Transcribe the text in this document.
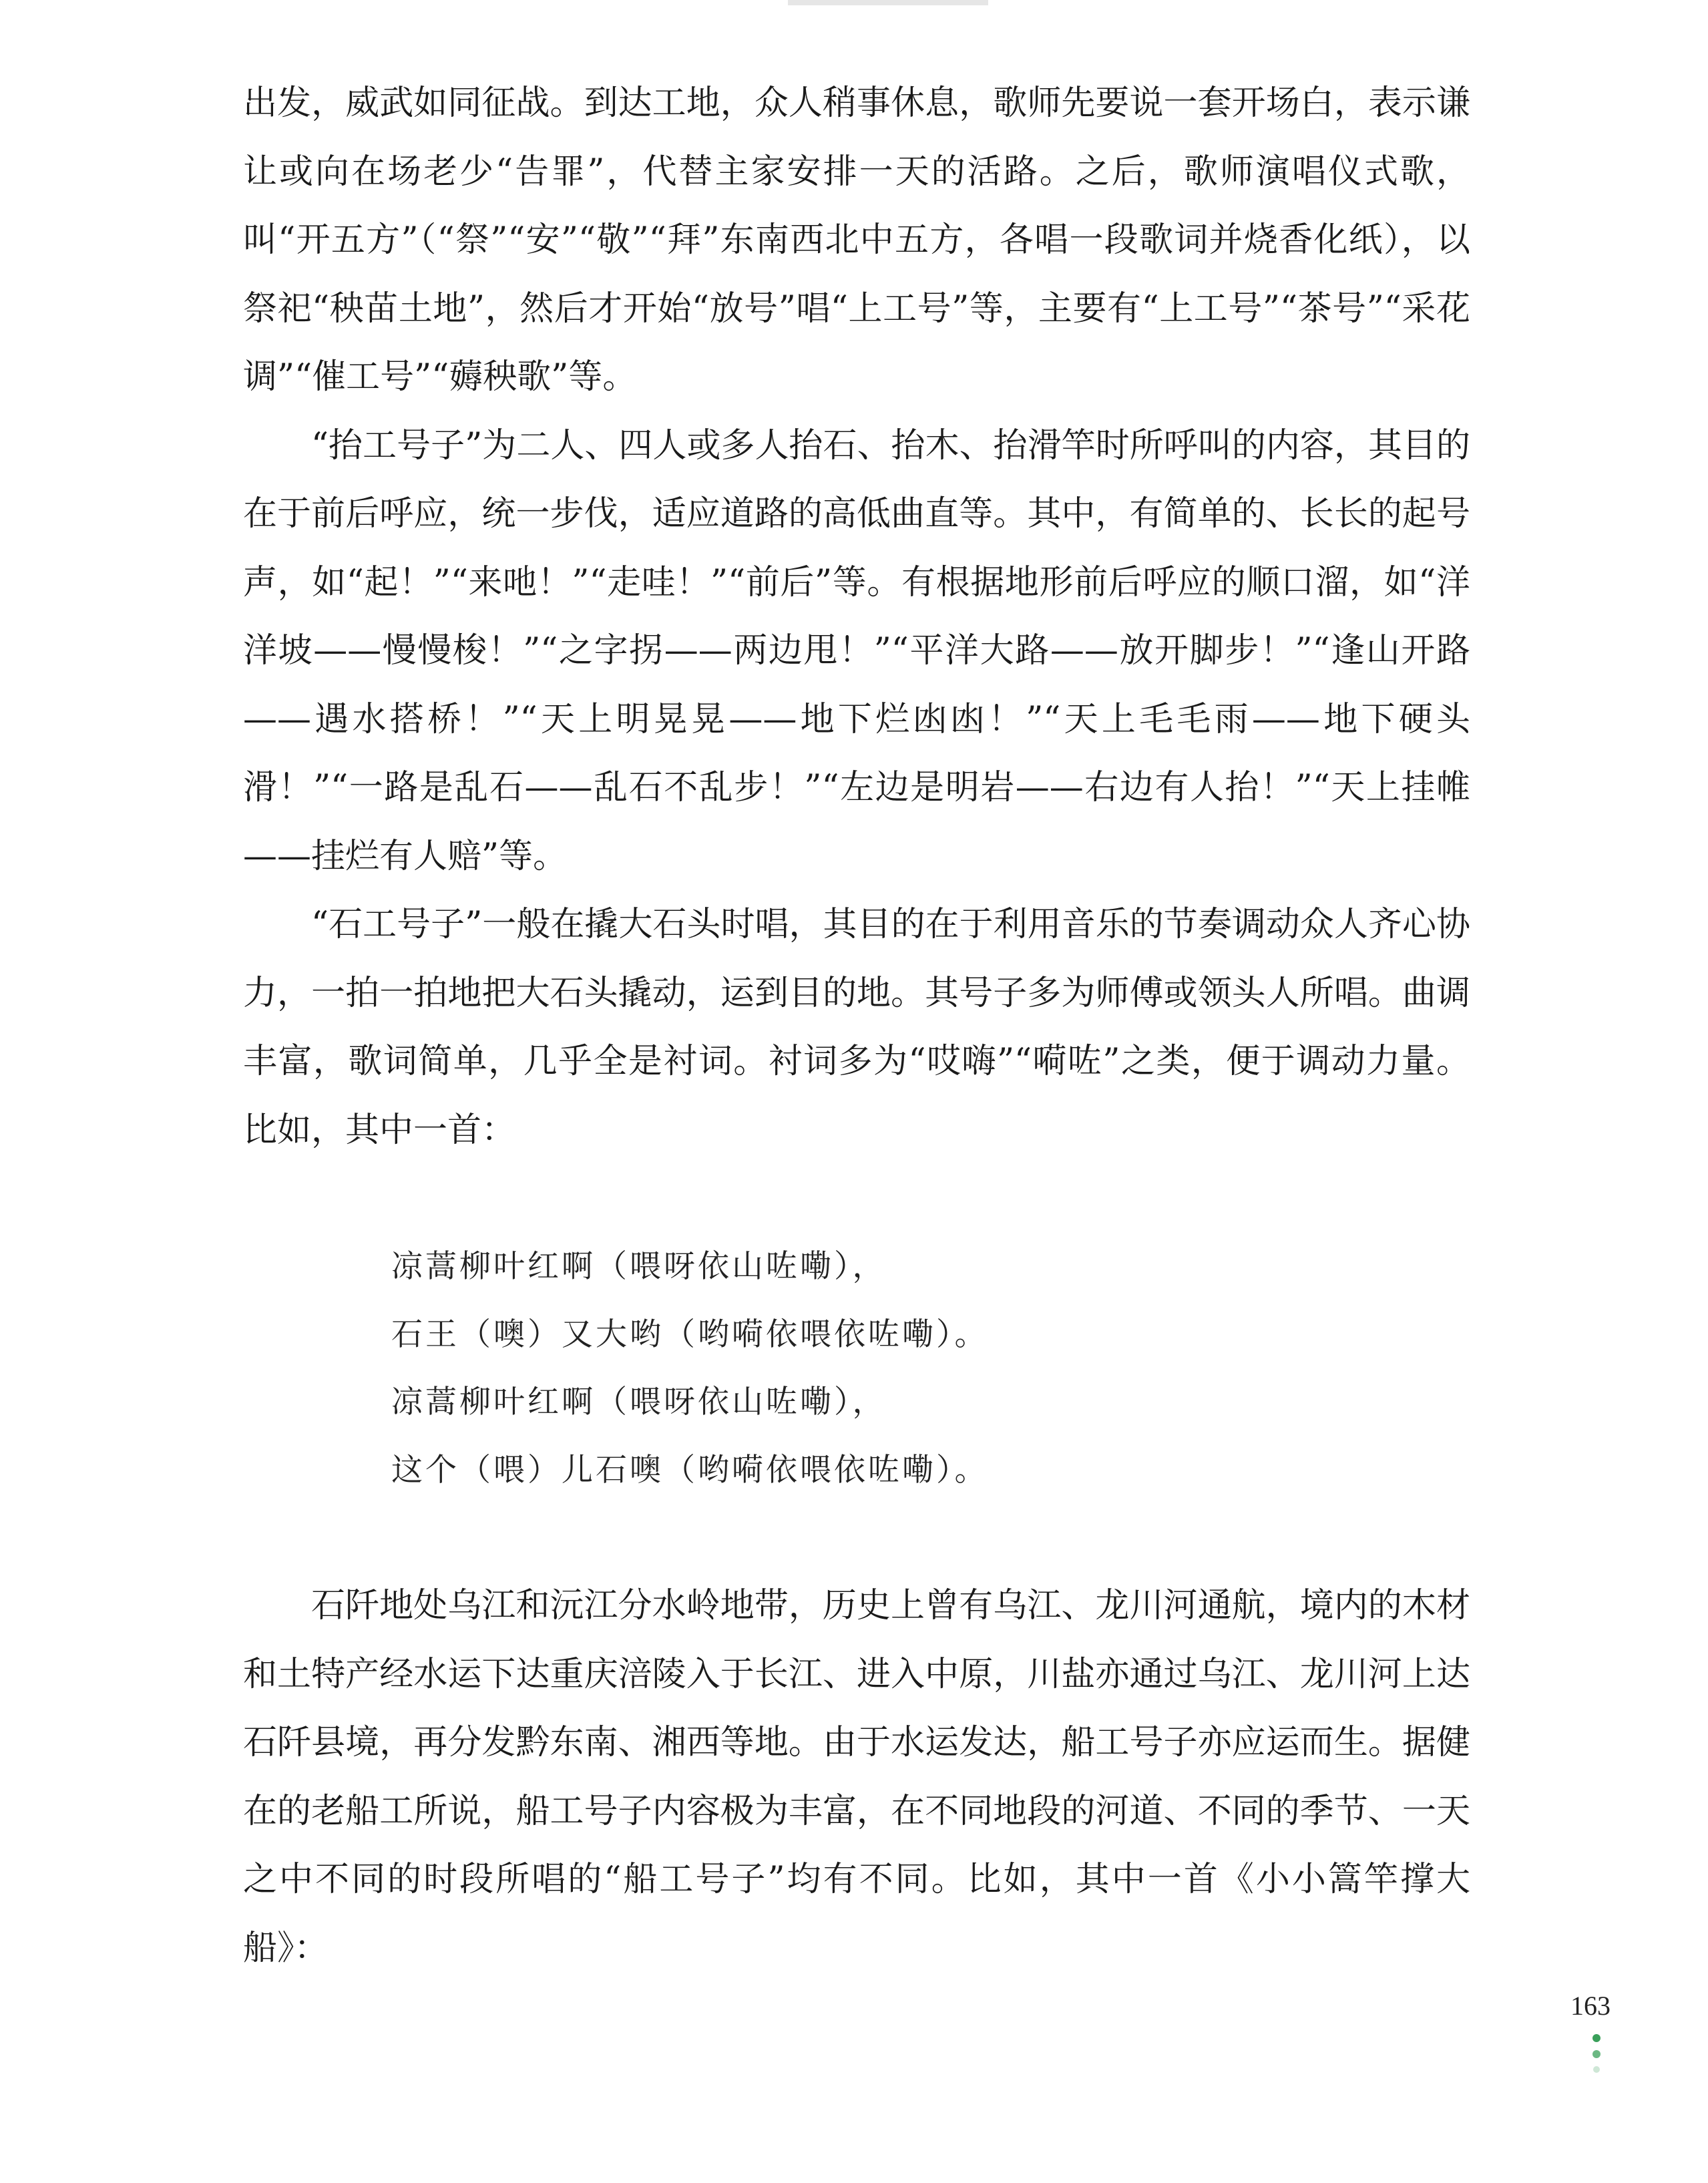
出发，威武如同征战。到达工地，众人稍事休息，歌师先要说一套开场白，表示谦让或向在场老少“告罪”，代替主家安排一天的活路。之后，歌师演唱仪式歌，叫“开五方”（“祭”“安”“敬”“拜”东南西北中五方，各唱一段歌词并烧香化纸），以祭祀“秧苗土地”，然后才开始“放号”唱“上工号”等，主要有“上工号”“茶号”“采花调”“催工号”“薅秧歌”等。

“抬工号子”为二人、四人或多人抬石、抬木、抬滑竿时所呼叫的内容，其目的在于前后呼应，统一步伐，适应道路的高低曲直等。其中，有简单的、长长的起号声，如“起！”“来吔！”“走哇！”“前后”等。有根据地形前后呼应的顺口溜，如“洋洋坡——慢慢梭！”“之字拐——两边甩！”“平洋大路——放开脚步！”“逢山开路——遇水搭桥！”“天上明晃晃——地下烂凼凼！”“天上毛毛雨——地下硬头滑！”“一路是乱石——乱石不乱步！”“左边是明岩——右边有人抬！”“天上挂帷——挂烂有人赔”等。

“石工号子”一般在撬大石头时唱，其目的在于利用音乐的节奏调动众人齐心协力，一拍一拍地把大石头撬动，运到目的地。其号子多为师傅或领头人所唱。曲调丰富，歌词简单，几乎全是衬词。衬词多为“哎嗨”“嗬咗”之类，便于调动力量。比如，其中一首：

凉蒿柳叶红啊（喂呀依山咗嘞），
石王（噢）又大哟（哟嗬依喂依咗嘞）。
凉蒿柳叶红啊（喂呀依山咗嘞），
这个（喂）儿石噢（哟嗬依喂依咗嘞）。

石阡地处乌江和沅江分水岭地带，历史上曾有乌江、龙川河通航，境内的木材和土特产经水运下达重庆涪陵入于长江、进入中原，川盐亦通过乌江、龙川河上达石阡县境，再分发黔东南、湘西等地。由于水运发达，船工号子亦应运而生。据健在的老船工所说，船工号子内容极为丰富，在不同地段的河道、不同的季节、一天之中不同的时段所唱的“船工号子”均有不同。比如，其中一首《小小篙竿撑大船》：

163
